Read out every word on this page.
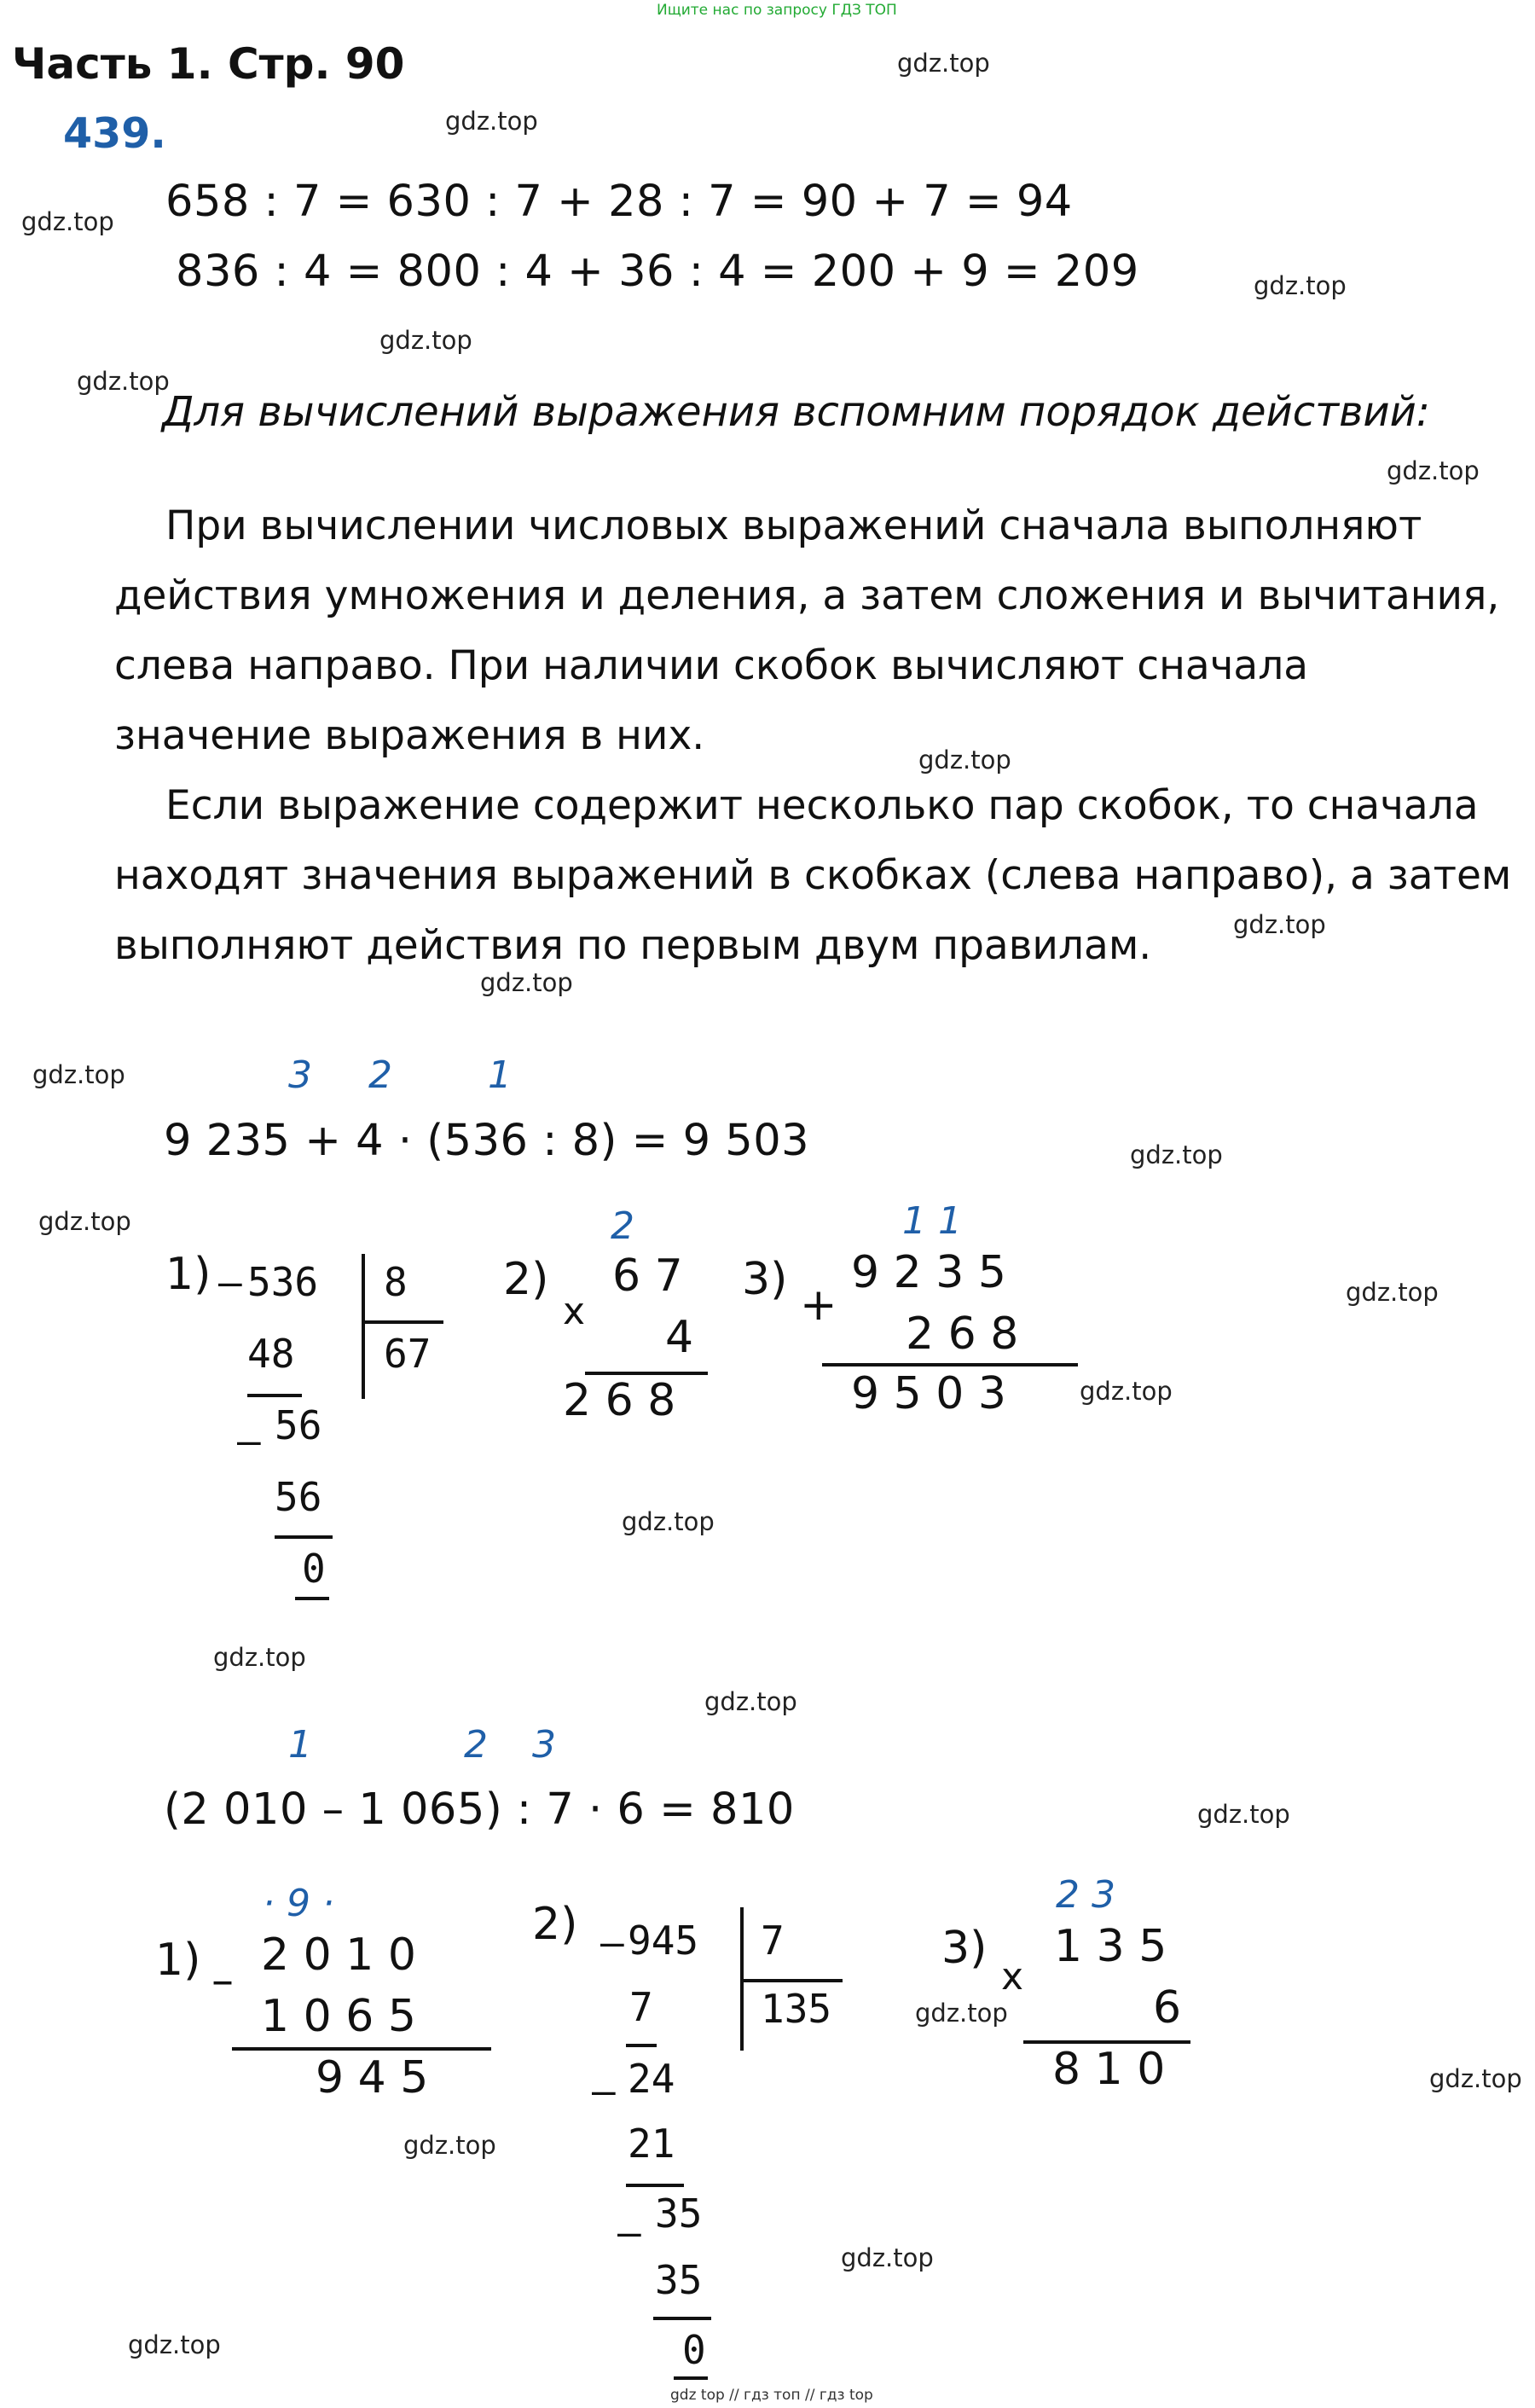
Ищите нас по запросу ГДЗ ТОП
Часть 1. Стр. 90
439.
gdz.top
gdz.top
gdz.top
gdz.top
gdz.top
gdz.top
gdz.top
gdz.top
gdz.top
gdz.top
gdz.top
gdz.top
gdz.top
gdz.top
gdz.top
gdz.top
gdz.top
gdz.top
gdz.top
gdz.top
gdz.top
gdz.top
gdz.top
gdz.top
658 : 7 = 630 : 7 + 28 : 7 = 90 + 7 = 94
836 : 4 = 800 : 4 + 36 : 4 = 200 + 9 = 209
Для вычислений выражения вспомним порядок действий:
При вычислении числовых выражений сначала выполняют действия умножения и деления, а затем сложения и вычитания, слева направо. При наличии скобок вычисляют сначала значение выражения в них.
Если выражение содержит несколько пар скобок, то сначала находят значения выражений в скобках (слева направо), а затем выполняют действия по первым двум правилам.
3 2	1
9 235 + 4 · (536 : 8) = 9 503
1) – 536 8
67
48
– 56
56
0
2)
2
x
6 7
4
2 6 8
3)
1 1
+
9 2 3 5
2 6 8
9 5 0 3
1	2 3
(2 010 – 1 065) : 7 · 6 = 810
1)
· 9 ·
– 2 0 1 0
1 0 6 5
9 4 5
2) – 945 7
135
7
– 24
21
– 35
35
0
3)
2 3
x
1 3 5
6
8 1 0
gdz top // гдз топ // гдз top
